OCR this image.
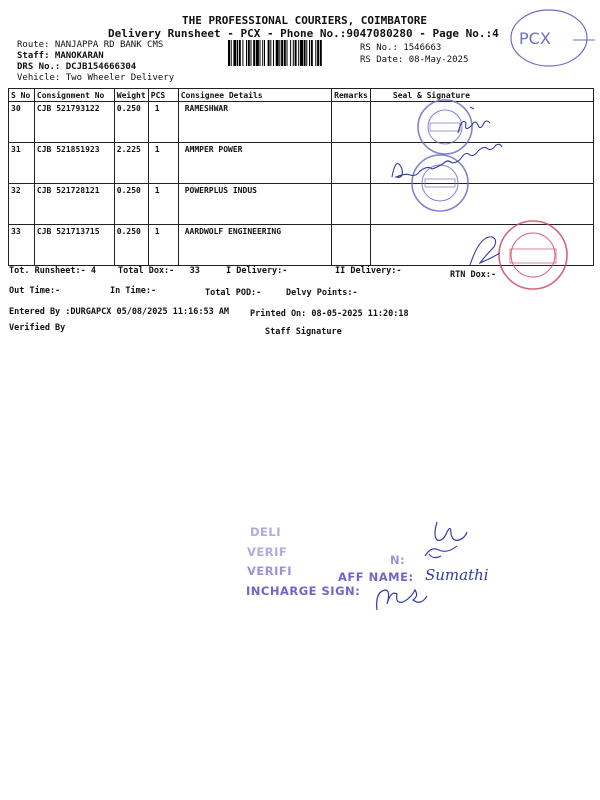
THE PROFESSIONAL COURIERS, COIMBATORE
Delivery Runsheet - PCX - Phone No.:9047080280 - Page No.:4
Route: NANJAPPA RD BANK CMS
Staff: MANOKARAN
DRS No.: DCJB154666304
Vehicle: Two Wheeler Delivery
RS No.: 1546663
RS Date: 08-May-2025
PCX
S No	Consignment No	Weight	PCS	Consignee Details	Remarks	Seal & Signature
30	CJB 521793122	0.250	1	RAMESHWAR		
31	CJB 521851923	2.225	1	AMMPER POWER		
32	CJB 521728121	0.250	1	POWERPLUS INDUS		
33	CJB 521713715	0.250	1	AARDWOLF ENGINEERING		
Tot. Runsheet:- 4	Total Dox:-   33	I Delivery:-	II Delivery:-	RTN Dox:-
Out Time:-	In Time:-	Total POD:-	Delvy Points:-
Entered By :DURGAPCX 05/08/2025 11:16:53 AM Printed On: 08-05-2025 11:20:18
Verified By	Staff Signature
DELI
VERIF
N:
VERIFI	AFF NAME:
INCHARGE SIGN:
Sumathi
